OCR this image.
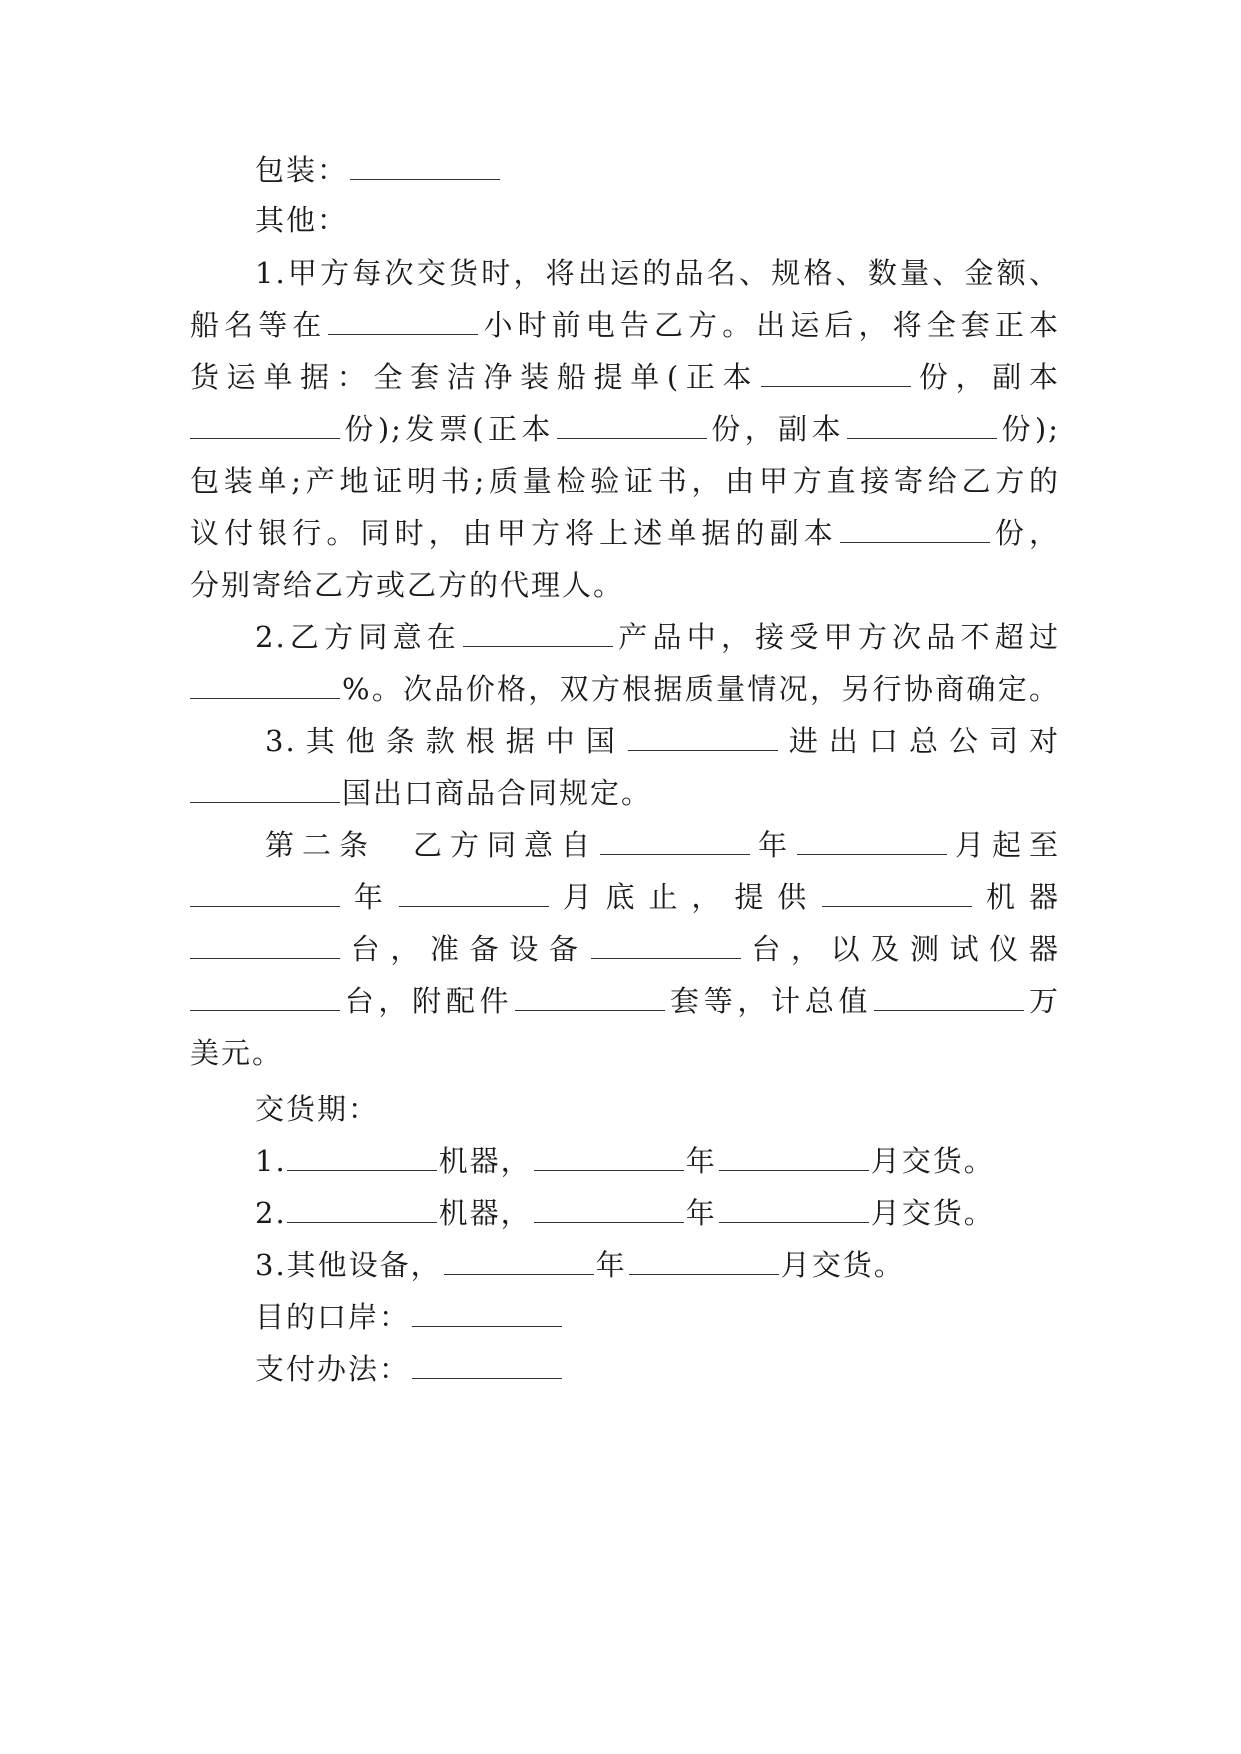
包装：
其他：
1.甲方每次交货时，将出运的品名、规格、数量、金额、
船名等在	小时前电告乙方。出运后，将全套正本
货运单据：全套洁净装船提单(正本	份，副本
份);发票(正本	份，副本	份);
包装单;产地证明书;质量检验证书，由甲方直接寄给乙方的
议付银行。同时，由甲方将上述单据的副本	份，
分别寄给乙方或乙方的代理人。
2.乙方同意在	产品中，接受甲方次品不超过
%。次品价格，双方根据质量情况，另行协商确定。
3.其他条款根据中国	进出口总公司对
国出口商品合同规定。
第二条　乙方同意自	年	月起至
年	月底止，提供	机器
台，准备设备	台，以及测试仪器
台，附配件	套等，计总值	万
美元。
交货期：
1.	机器，	年	月交货。
2.	机器，	年	月交货。
3.其他设备，	年	月交货。
目的口岸：
支付办法：
